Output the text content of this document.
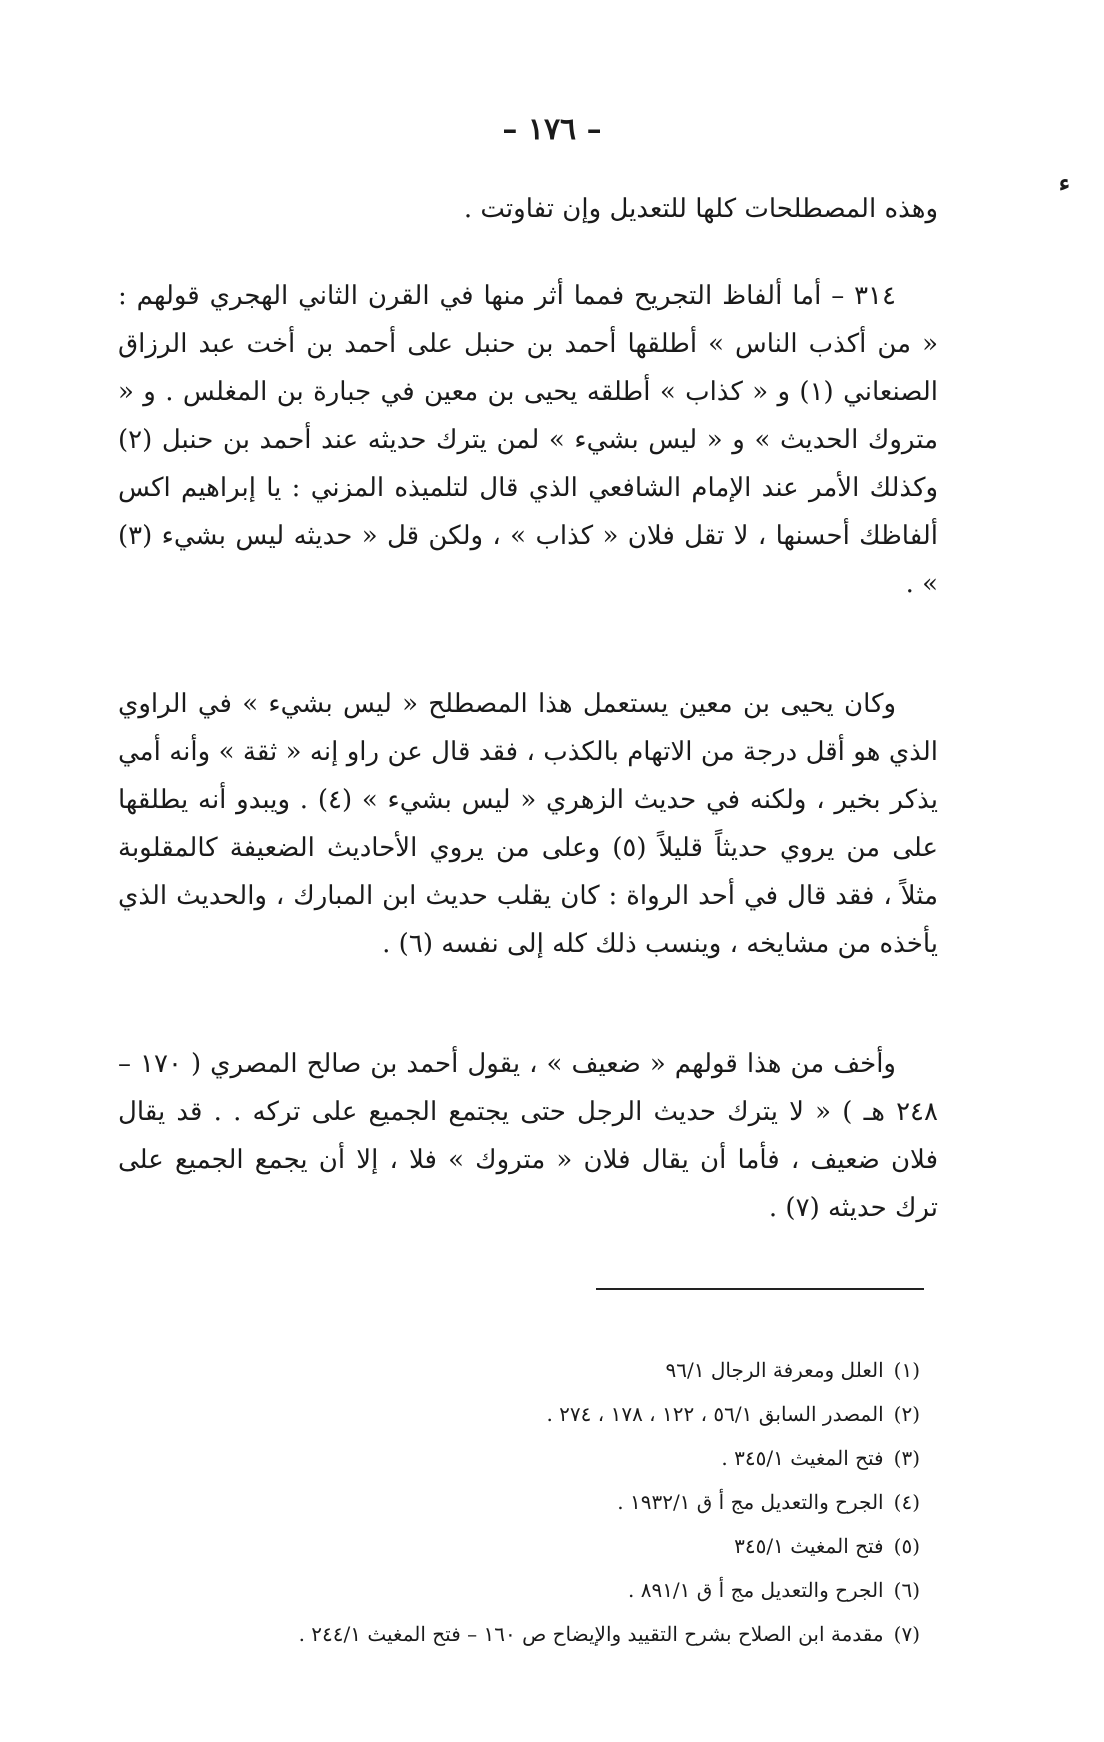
– ١٧٦ –
ء

وهذه المصطلحات كلها للتعديل وإن تفاوتت .

٣١٤ – أما ألفاظ التجريح فمما أثر منها في القرن الثاني الهجري قولهم : « من أكذب الناس » أطلقها أحمد بن حنبل على أحمد بن أخت عبد الرزاق الصنعاني (١) و « كذاب » أطلقه يحيى بن معين في جبارة بن المغلس . و « متروك الحديث » و « ليس بشيء » لمن يترك حديثه عند أحمد بن حنبل (٢) وكذلك الأمر عند الإمام الشافعي الذي قال لتلميذه المزني : يا إبراهيم اكس ألفاظك أحسنها ، لا تقل فلان « كذاب » ، ولكن قل « حديثه ليس بشيء (٣) » .

وكان يحيى بن معين يستعمل هذا المصطلح « ليس بشيء » في الراوي الذي هو أقل درجة من الاتهام بالكذب ، فقد قال عن راو إنه « ثقة » وأنه أمي يذكر بخير ، ولكنه في حديث الزهري « ليس بشيء » (٤) . ويبدو أنه يطلقها على من يروي حديثاً قليلاً (٥) وعلى من يروي الأحاديث الضعيفة كالمقلوبة مثلاً ، فقد قال في أحد الرواة : كان يقلب حديث ابن المبارك ، والحديث الذي يأخذه من مشايخه ، وينسب ذلك كله إلى نفسه (٦) .

وأخف من هذا قولهم « ضعيف » ، يقول أحمد بن صالح المصري ( ١٧٠ – ٢٤٨ هـ ) « لا يترك حديث الرجل حتى يجتمع الجميع على تركه . . قد يقال فلان ضعيف ، فأما أن يقال فلان « متروك » فلا ، إلا أن يجمع الجميع على ترك حديثه (٧) .

(١)العلل ومعرفة الرجال ٩٦/١
(٢)المصدر السابق ٥٦/١ ، ١٢٢ ، ١٧٨ ، ٢٧٤ .
(٣)فتح المغيث ٣٤٥/١ .
(٤)الجرح والتعديل مج أ ق ١٩٣٢/١ .
(٥)فتح المغيث ٣٤٥/١
(٦)الجرح والتعديل مج أ ق ٨٩١/١ .
(٧)مقدمة ابن الصلاح بشرح التقييد والإيضاح ص ١٦٠ – فتح المغيث ٢٤٤/١ .
